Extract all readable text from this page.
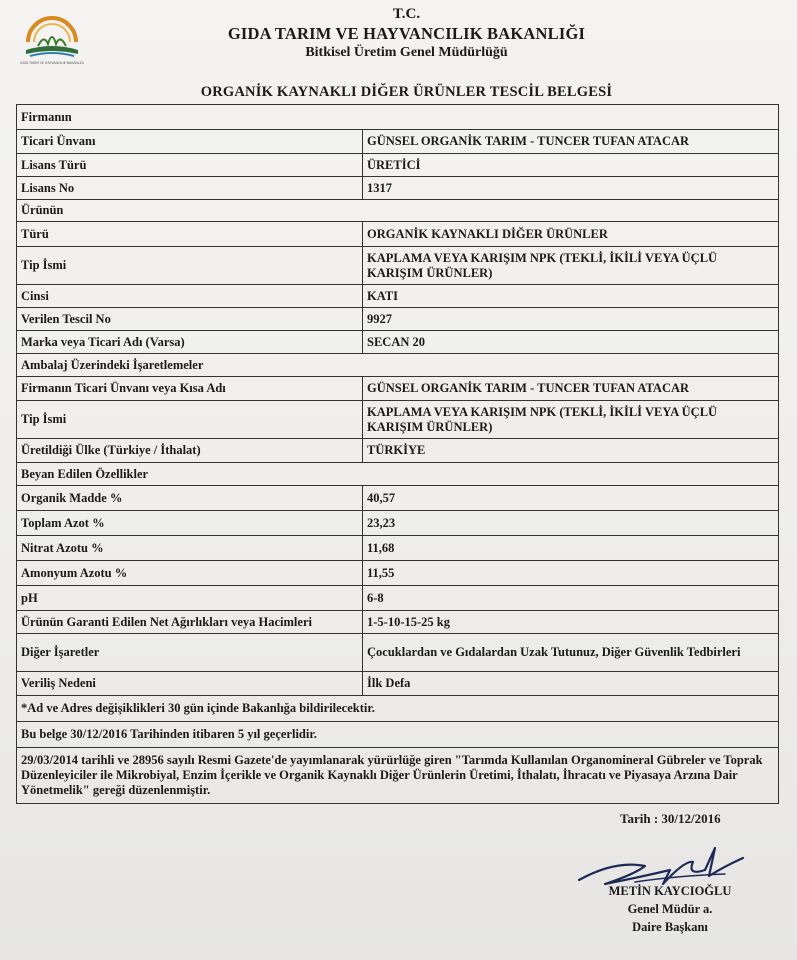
GIDA TARIM VE HAYVANCILIK BAKANLIĞI
T.C.
GIDA TARIM VE HAYVANCILIK BAKANLIĞI
Bitkisel Üretim Genel Müdürlüğü
ORGANİK KAYNAKLI DİĞER ÜRÜNLER TESCİL BELGESİ
Firmanın	
Ticari Ünvanı	GÜNSEL ORGANİK TARIM - TUNCER TUFAN ATACAR
Lisans Türü	ÜRETİCİ
Lisans No	1317
Ürünün	
Türü	ORGANİK KAYNAKLI DİĞER ÜRÜNLER
Tip İsmi	KAPLAMA VEYA KARIŞIM NPK (TEKLİ, İKİLİ VEYA ÜÇLÜ KARIŞIM ÜRÜNLER)
Cinsi	KATI
Verilen Tescil No	9927
Marka veya Ticari Adı (Varsa)	SECAN 20
Ambalaj Üzerindeki İşaretlemeler	
Firmanın Ticari Ünvanı veya Kısa Adı	GÜNSEL ORGANİK TARIM - TUNCER TUFAN ATACAR
Tip İsmi	KAPLAMA VEYA KARIŞIM NPK (TEKLİ, İKİLİ VEYA ÜÇLÜ KARIŞIM ÜRÜNLER)
Üretildiği Ülke (Türkiye / İthalat)	TÜRKİYE
Beyan Edilen Özellikler	
Organik Madde %	40,57
Toplam Azot %	23,23
Nitrat Azotu %	11,68
Amonyum Azotu %	11,55
pH	6-8
Ürünün Garanti Edilen Net Ağırlıkları veya Hacimleri	1-5-10-15-25 kg
Diğer İşaretler	Çocuklardan ve Gıdalardan Uzak Tutunuz, Diğer Güvenlik Tedbirleri
Veriliş Nedeni	İlk Defa
*Ad ve Adres değişiklikleri 30 gün içinde Bakanlığa bildirilecektir.	
Bu belge 30/12/2016 Tarihinden itibaren 5 yıl geçerlidir.	
29/03/2014 tarihli ve 28956 sayılı Resmi Gazete'de yayımlanarak yürürlüğe giren "Tarımda Kullanılan Organomineral Gübreler ve Toprak Düzenleyiciler ile Mikrobiyal, Enzim İçerikle ve Organik Kaynaklı Diğer Ürünlerin Üretimi, İthalatı, İhracatı ve Piyasaya Arzına Dair Yönetmelik" gereği düzenlenmiştir.	
Tarih : 30/12/2016
METİN KAYCIOĞLU
Genel Müdür a.
Daire Başkanı
